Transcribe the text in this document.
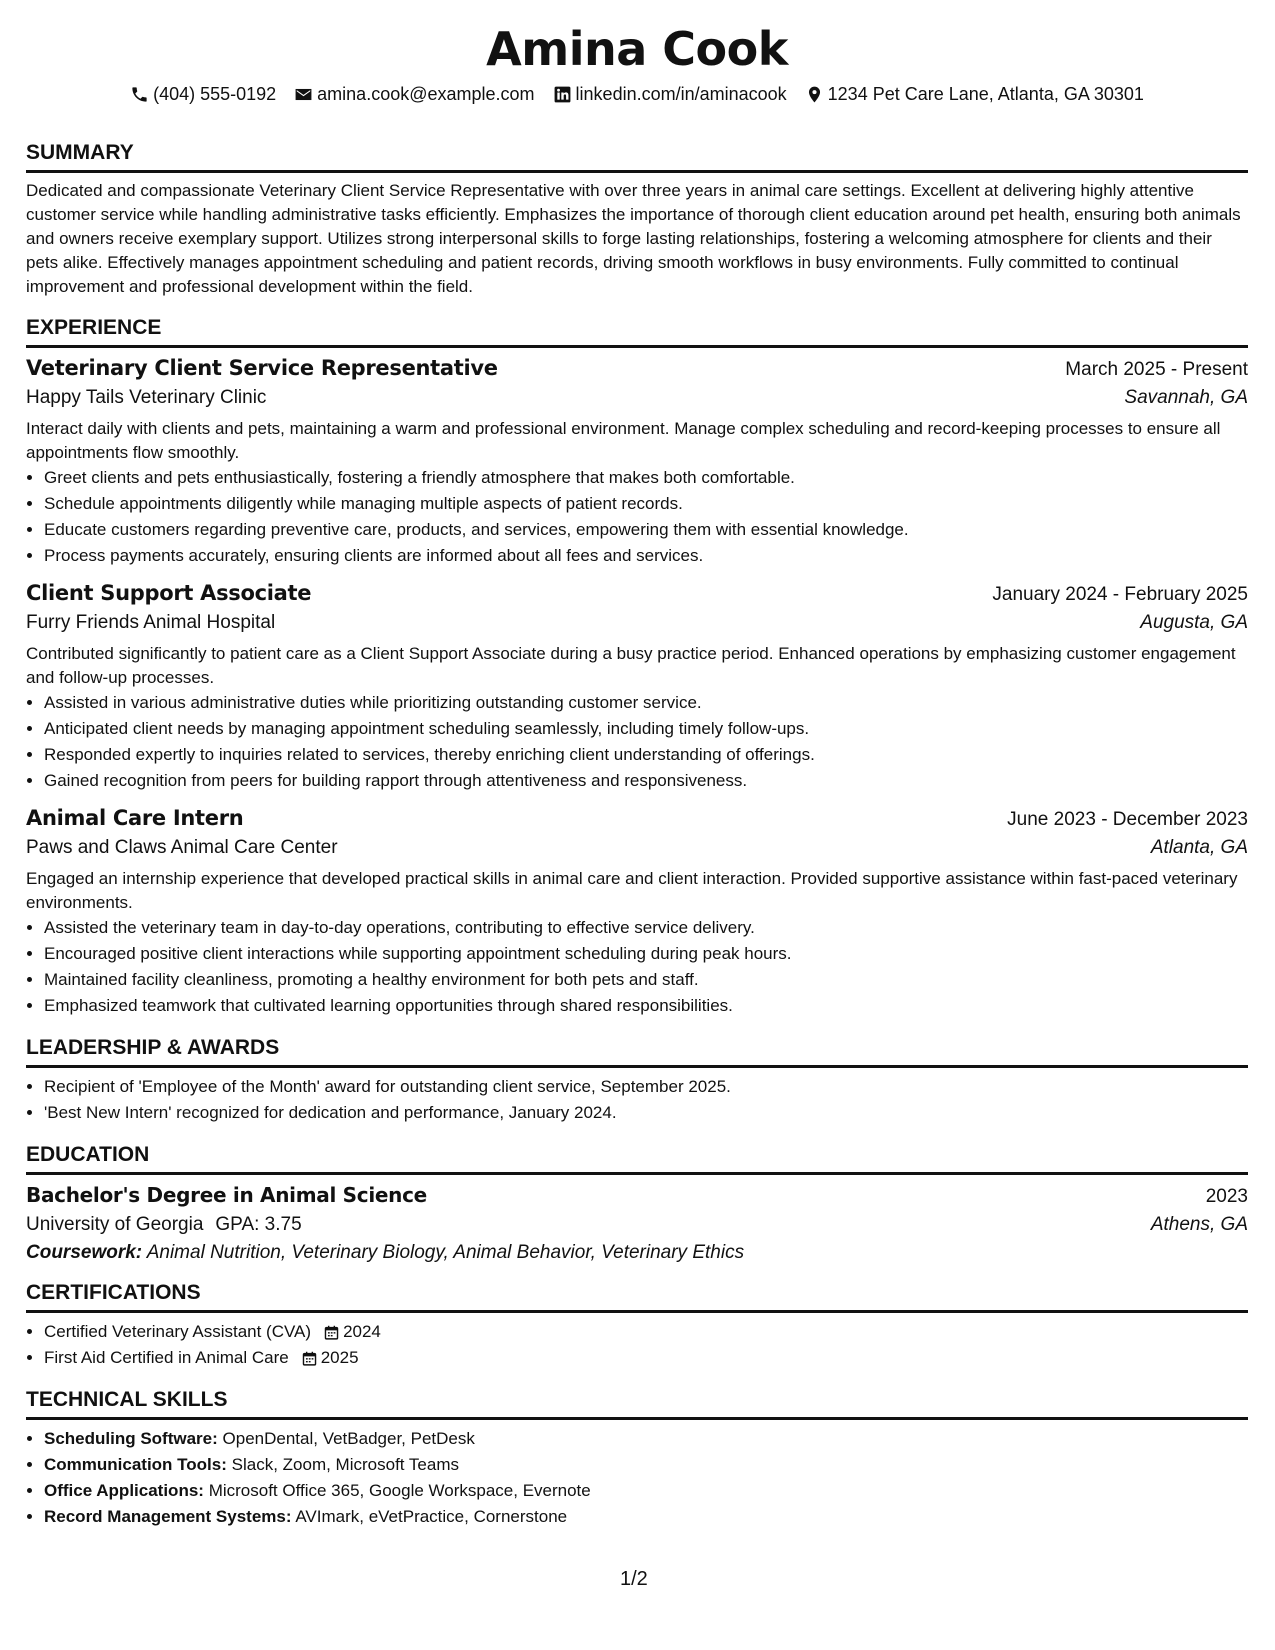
Amina Cook
(404) 555-0192 amina.cook@example.com linkedin.com/in/aminacook 1234 Pet Care Lane, Atlanta, GA 30301
SUMMARY

Dedicated and compassionate Veterinary Client Service Representative with over three years in animal care settings. Excellent at delivering highly attentive customer service while handling administrative tasks efficiently. Emphasizes the importance of thorough client education around pet health, ensuring both animals and owners receive exemplary support. Utilizes strong interpersonal skills to forge lasting relationships, fostering a welcoming atmosphere for clients and their pets alike. Effectively manages appointment scheduling and patient records, driving smooth workflows in busy environments. Fully committed to continual improvement and professional development within the field.

EXPERIENCE
Veterinary Client Service Representative	March 2025 - Present
Happy Tails Veterinary Clinic	Savannah, GA
Interact daily with clients and pets, maintaining a warm and professional environment. Manage complex scheduling and record-keeping processes to ensure all appointments flow smoothly.
• Greet clients and pets enthusiastically, fostering a friendly atmosphere that makes both comfortable.
• Schedule appointments diligently while managing multiple aspects of patient records.
• Educate customers regarding preventive care, products, and services, empowering them with essential knowledge.
• Process payments accurately, ensuring clients are informed about all fees and services.
Client Support Associate	January 2024 - February 2025
Furry Friends Animal Hospital	Augusta, GA
Contributed significantly to patient care as a Client Support Associate during a busy practice period. Enhanced operations by emphasizing customer engagement and follow-up processes.
• Assisted in various administrative duties while prioritizing outstanding customer service.
• Anticipated client needs by managing appointment scheduling seamlessly, including timely follow-ups.
• Responded expertly to inquiries related to services, thereby enriching client understanding of offerings.
• Gained recognition from peers for building rapport through attentiveness and responsiveness.
Animal Care Intern	June 2023 - December 2023
Paws and Claws Animal Care Center	Atlanta, GA
Engaged an internship experience that developed practical skills in animal care and client interaction. Provided supportive assistance within fast-paced veterinary environments.
• Assisted the veterinary team in day-to-day operations, contributing to effective service delivery.
• Encouraged positive client interactions while supporting appointment scheduling during peak hours.
• Maintained facility cleanliness, promoting a healthy environment for both pets and staff.
• Emphasized teamwork that cultivated learning opportunities through shared responsibilities.
LEADERSHIP & AWARDS
• Recipient of 'Employee of the Month' award for outstanding client service, September 2025.
• 'Best New Intern' recognized for dedication and performance, January 2024.
EDUCATION
Bachelor's Degree in Animal Science	2023
University of Georgia GPA: 3.75	Athens, GA
Coursework: Animal Nutrition, Veterinary Biology, Animal Behavior, Veterinary Ethics
CERTIFICATIONS
• Certified Veterinary Assistant (CVA) 2024
• First Aid Certified in Animal Care 2025
TECHNICAL SKILLS
• Scheduling Software: OpenDental, VetBadger, PetDesk
• Communication Tools: Slack, Zoom, Microsoft Teams
• Office Applications: Microsoft Office 365, Google Workspace, Evernote
• Record Management Systems: AVImark, eVetPractice, Cornerstone
1/2
